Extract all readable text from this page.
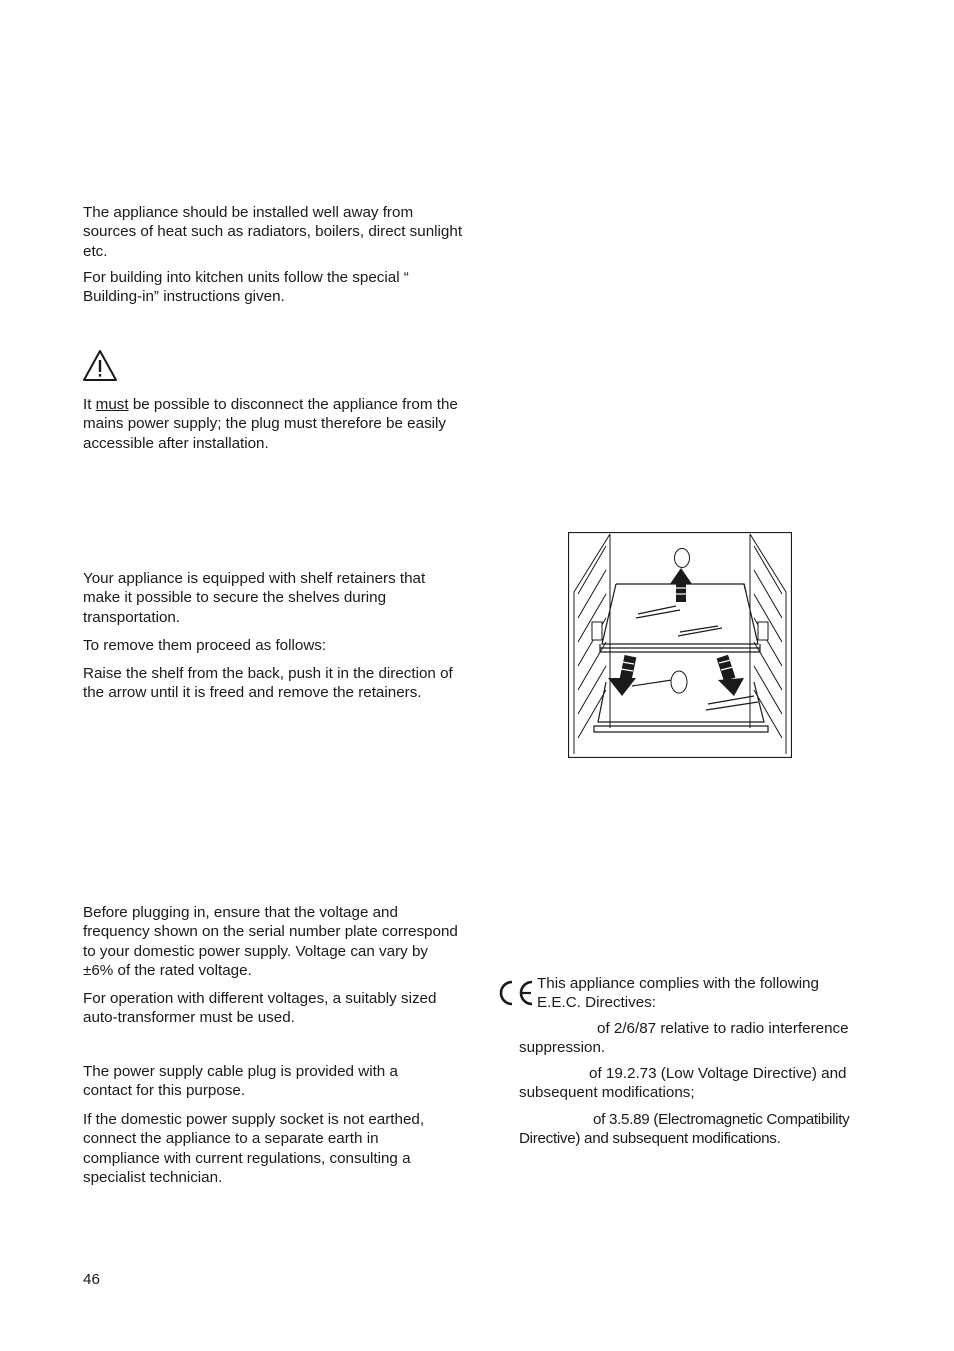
The appliance should be installed well away from sources of heat such as radiators, boilers, direct sunlight etc.

For building into kitchen units follow the special “ Building-in” instructions given.

It must be possible to disconnect the appliance from the mains power supply; the plug must therefore be easily accessible after installation.

Your appliance is equipped with shelf retainers that make it possible to secure the shelves during transportation.

To remove them proceed as follows:

Raise the shelf from the back, push it in the direction of the arrow until it is freed and remove the retainers.

Before plugging in, ensure that the voltage and frequency shown on the serial number plate correspond to your domestic power supply. Voltage can vary by ±6% of the rated voltage.

For operation with different voltages, a suitably sized auto-transformer must be used.

The power supply cable plug is provided with a contact for this purpose.

If the domestic power supply socket is not earthed, connect the appliance to a separate earth in compliance with current regulations, consulting a specialist technician.

This appliance complies with the following E.E.C. Directives:

of 2/6/87 relative to radio interference suppression.

of 19.2.73 (Low Voltage Directive) and subsequent modifications;

of 3.5.89 (Electromagnetic Compatibility Directive) and subsequent modifications.

46
